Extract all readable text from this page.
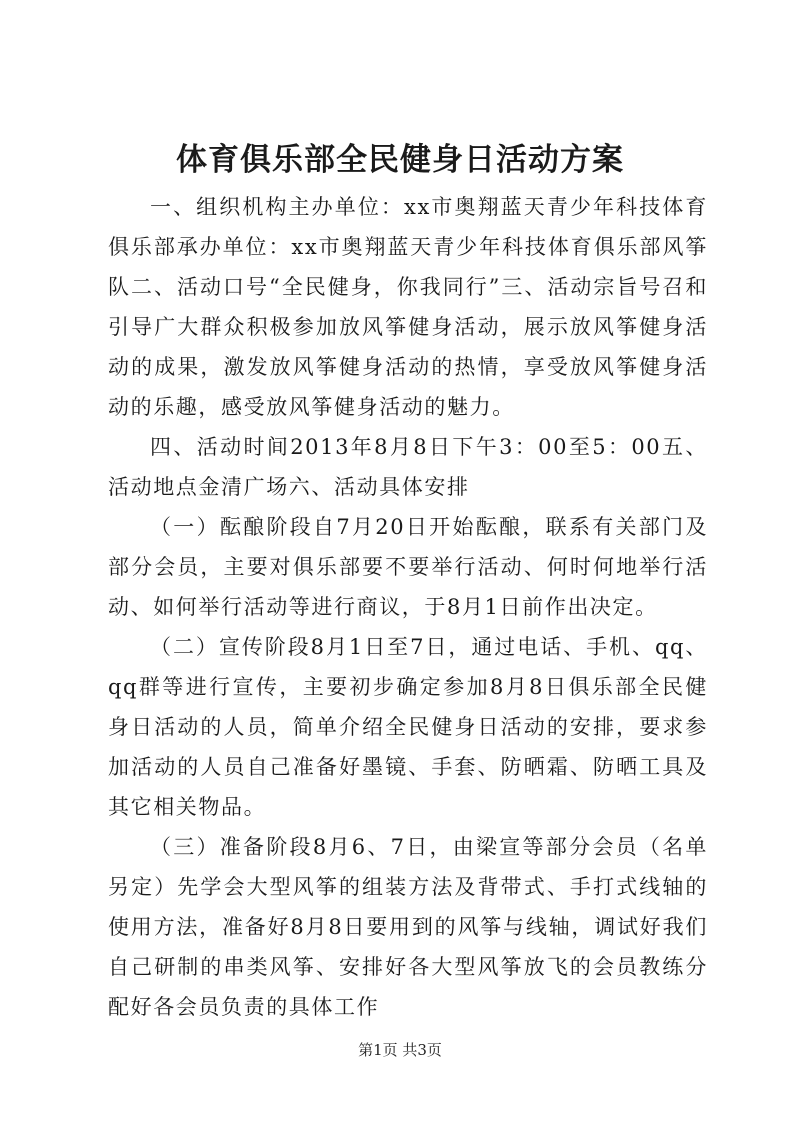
体育俱乐部全民健身日活动方案

一、组织机构主办单位：xx市奥翔蓝天青少年科技体育俱乐部承办单位：xx市奥翔蓝天青少年科技体育俱乐部风筝队二、活动口号“全民健身，你我同行”三、活动宗旨号召和引导广大群众积极参加放风筝健身活动，展示放风筝健身活动的成果，激发放风筝健身活动的热情，享受放风筝健身活动的乐趣，感受放风筝健身活动的魅力。

四、活动时间2013年8月8日下午3：00至5：00五、活动地点金清广场六、活动具体安排

（一）酝酿阶段自7月20日开始酝酿，联系有关部门及部分会员，主要对俱乐部要不要举行活动、何时何地举行活动、如何举行活动等进行商议，于8月1日前作出决定。

（二）宣传阶段8月1日至7日，通过电话、手机、qq、qq群等进行宣传，主要初步确定参加8月8日俱乐部全民健身日活动的人员，简单介绍全民健身日活动的安排，要求参加活动的人员自己准备好墨镜、手套、防晒霜、防晒工具及其它相关物品。

（三）准备阶段8月6、7日，由梁宣等部分会员（名单另定）先学会大型风筝的组装方法及背带式、手打式线轴的使用方法，准备好8月8日要用到的风筝与线轴，调试好我们自己研制的串类风筝、安排好各大型风筝放飞的会员教练分配好各会员负责的具体工作

第1页 共3页
